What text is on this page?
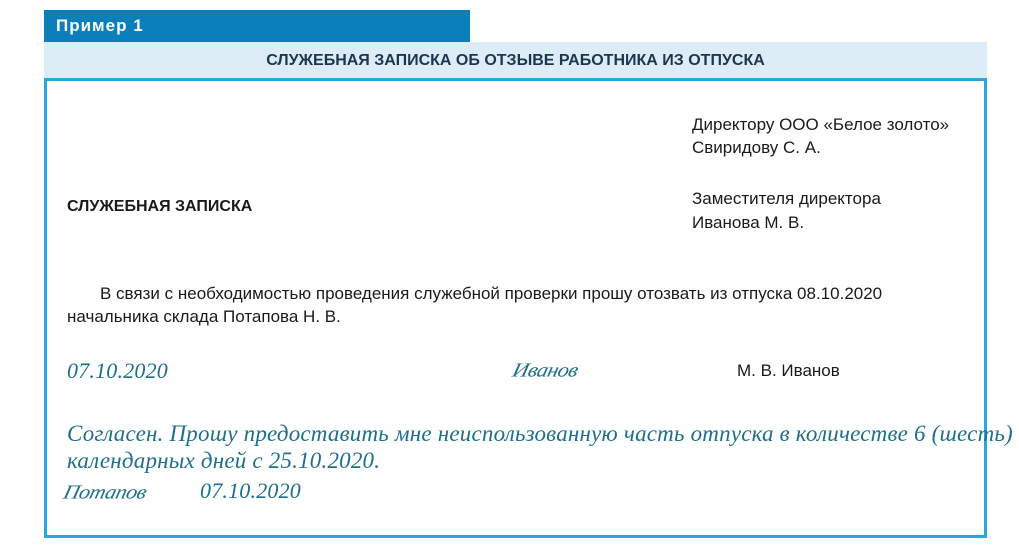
Пример 1
СЛУЖЕБНАЯ ЗАПИСКА ОБ ОТЗЫВЕ РАБОТНИКА ИЗ ОТПУСКА
Директору ООО «Белое золото»
Свиридову С. А.
Заместителя директора
Иванова М. В.
СЛУЖЕБНАЯ ЗАПИСКА
В связи с необходимостью проведения служебной проверки прошу отозвать из отпуска 08.10.2020
начальника склада Потапова Н. В.
07.10.2020	Иванов	М. В. Иванов
Согласен. Прошу предоставить мне неиспользованную часть отпуска в количестве 6 (шесть)
календарных дней с 25.10.2020.
Потапов 07.10.2020
